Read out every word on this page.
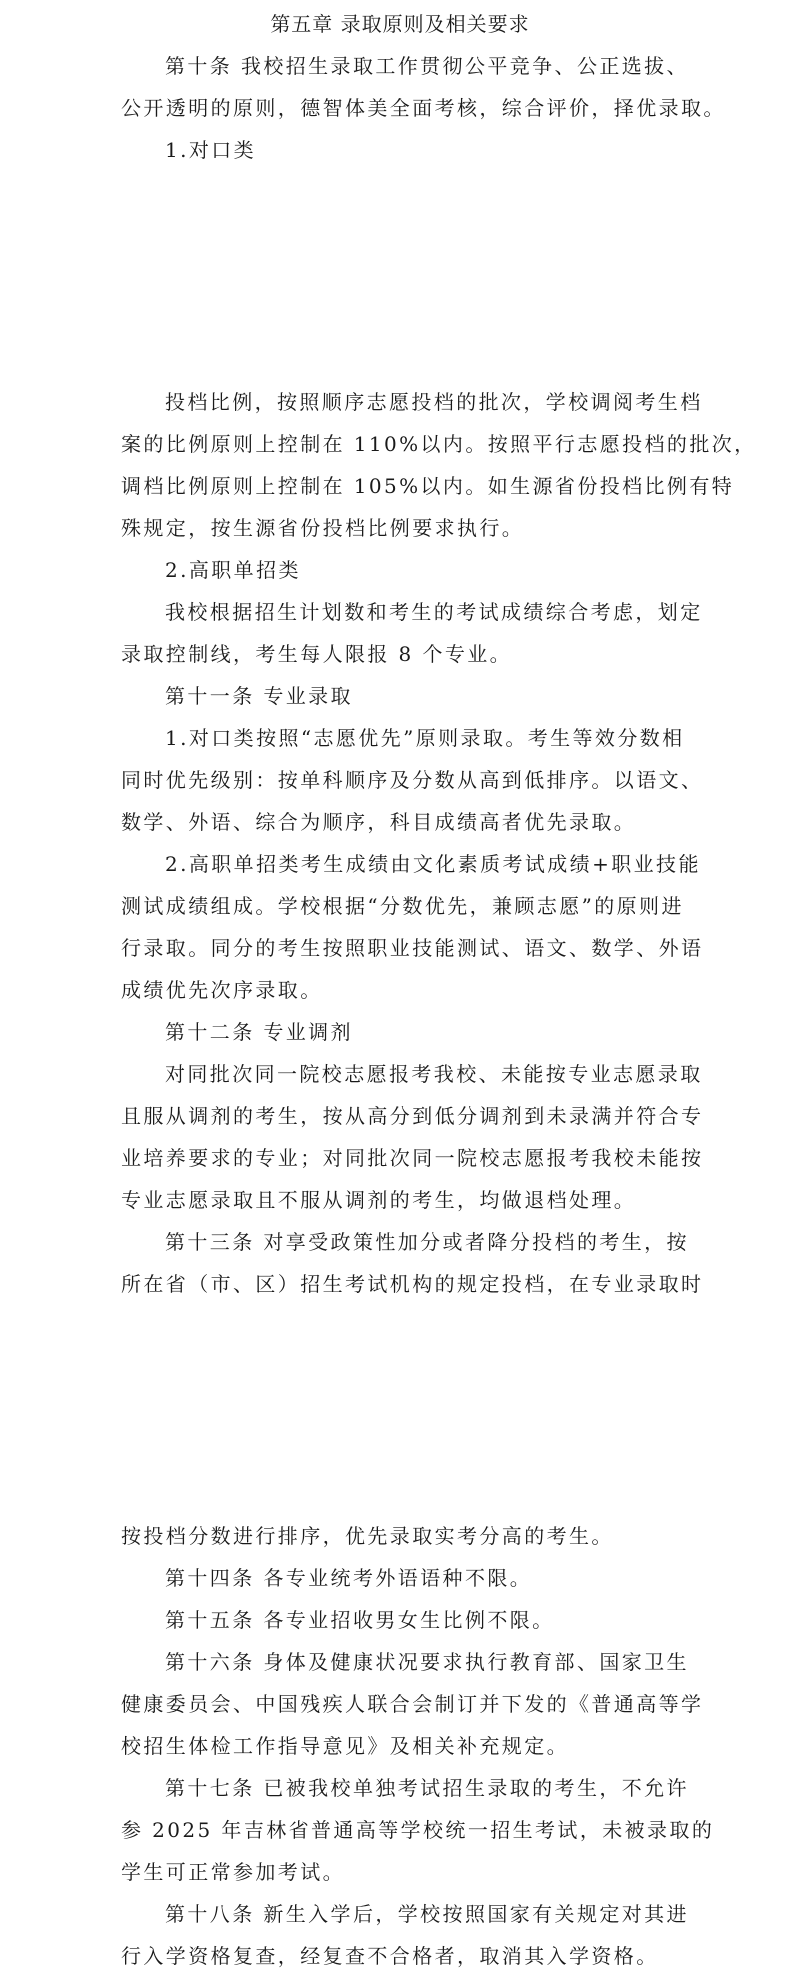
第五章 录取原则及相关要求
第十条 我校招生录取工作贯彻公平竞争、公正选拔、
公开透明的原则，德智体美全面考核，综合评价，择优录取。
1.对口类
投档比例，按照顺序志愿投档的批次，学校调阅考生档
案的比例原则上控制在 110%以内。按照平行志愿投档的批次，
调档比例原则上控制在 105%以内。如生源省份投档比例有特
殊规定，按生源省份投档比例要求执行。
2.高职单招类
我校根据招生计划数和考生的考试成绩综合考虑，划定
录取控制线，考生每人限报 8 个专业。
第十一条 专业录取
1.对口类按照“志愿优先”原则录取。考生等效分数相
同时优先级别：按单科顺序及分数从高到低排序。以语文、
数学、外语、综合为顺序，科目成绩高者优先录取。
2.高职单招类考生成绩由文化素质考试成绩+职业技能
测试成绩组成。学校根据“分数优先，兼顾志愿”的原则进
行录取。同分的考生按照职业技能测试、语文、数学、外语
成绩优先次序录取。
第十二条 专业调剂
对同批次同一院校志愿报考我校、未能按专业志愿录取
且服从调剂的考生，按从高分到低分调剂到未录满并符合专
业培养要求的专业；对同批次同一院校志愿报考我校未能按
专业志愿录取且不服从调剂的考生，均做退档处理。
第十三条 对享受政策性加分或者降分投档的考生，按
所在省（市、区）招生考试机构的规定投档，在专业录取时
按投档分数进行排序，优先录取实考分高的考生。
第十四条 各专业统考外语语种不限。
第十五条 各专业招收男女生比例不限。
第十六条 身体及健康状况要求执行教育部、国家卫生
健康委员会、中国残疾人联合会制订并下发的《普通高等学
校招生体检工作指导意见》及相关补充规定。
第十七条 已被我校单独考试招生录取的考生，不允许
参 2025 年吉林省普通高等学校统一招生考试，未被录取的
学生可正常参加考试。
第十八条 新生入学后，学校按照国家有关规定对其进
行入学资格复查，经复查不合格者，取消其入学资格。
